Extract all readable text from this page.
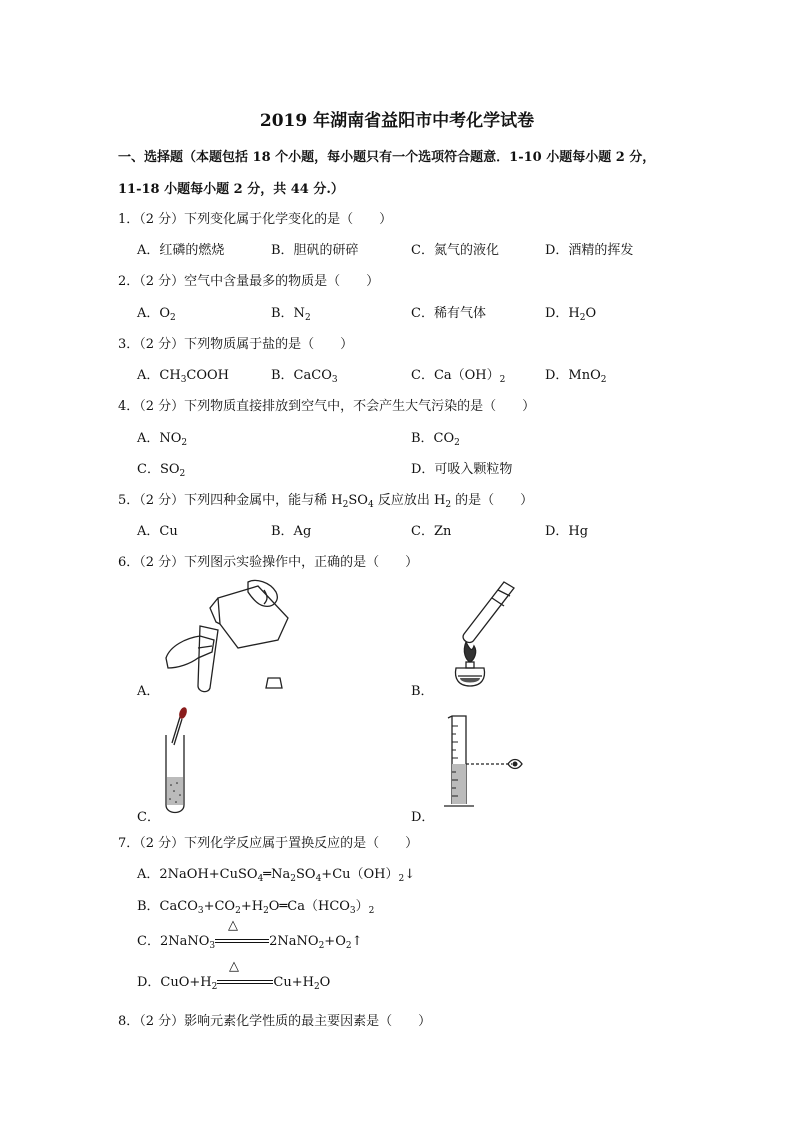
2019 年湖南省益阳市中考化学试卷
一、选择题（本题包括 18 个小题，每小题只有一个选项符合题意．1-10 小题每小题 2 分，
11-18 小题每小题 2 分，共 44 分.）
1．（2 分）下列变化属于化学变化的是（　　）
A．红磷的燃烧	B．胆矾的研碎	C．氮气的液化	D．酒精的挥发
2．（2 分）空气中含量最多的物质是（　　）
A．$O_2$	B．$N_2$	C．稀有气体	D．$H_2O$
3．（2 分）下列物质属于盐的是（　　）
A．$CH_3COOH$	B．CaCO$_3$	C．$Ca(OH)_2$	D．MnO$_2$
4．（2 分）下列物质直接排放到空气中，不会产生大气污染的是（　　）
A．$NO_2$	B．$CO_2$
C．$SO_2$	D．可吸入颗粒物
5．（2 分）下列四种金属中，能与稀 $H_2SO_4$ 反应放出 $H_2$ 的是（　　）
A．Cu	B．Ag	C．Zn	D．Hg
6．（2 分）下列图示实验操作中，正确的是（　　）
A．	B．
C．	D．
7．（2 分）下列化学反应属于置换反应的是（　　）
A．$2NaOH+CuSO_4═Na_2SO_4+Cu(OH)_2↓$
B．$CaCO_3+CO_2+H_2O═Ca(HCO_3)_2$
C．2NaNO$_3$	$2NaNO_2+O_2↑$
△
D．$CuO+H_2$	$Cu+H_2O$
△
8．（2 分）影响元素化学性质的最主要因素是（　　）
